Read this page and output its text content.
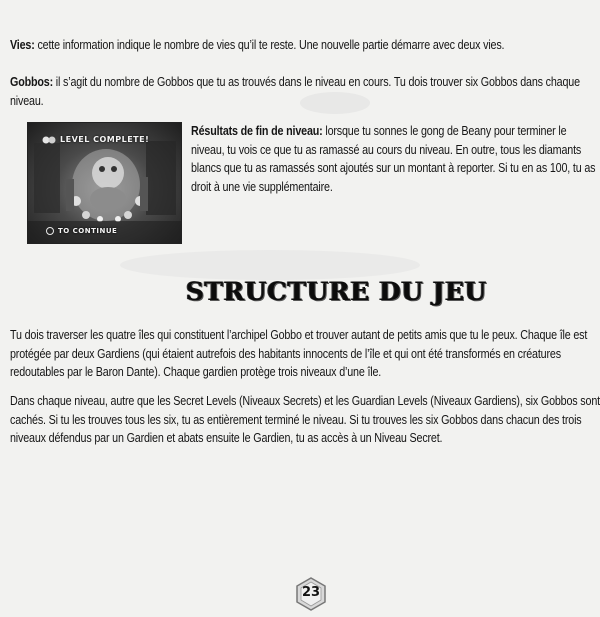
Vies: cette information indique le nombre de vies qu’il te reste. Une nouvelle partie démarre avec deux vies.

Gobbos: il s’agit du nombre de Gobbos que tu as trouvés dans le niveau en cours. Tu dois trouver six Gobbos dans chaque niveau.

LEVEL COMPLETE!
TO CONTINUE

Résultats de fin de niveau: lorsque tu sonnes le gong de Beany pour terminer le niveau, tu vois ce que tu as ramassé au cours du niveau. En outre, tous les diamants blancs que tu as ramassés sont ajoutés sur un montant à reporter. Si tu en as 100, tu as droit à une vie supplémentaire.

STRUCTURE DU JEU

Tu dois traverser les quatre îles qui constituent l’archipel Gobbo et trouver autant de petits amis que tu le peux. Chaque île est protégée par deux Gardiens (qui étaient autrefois des habitants innocents de l’île et qui ont été transformés en créatures redoutables par le Baron Dante). Chaque gardien protège trois niveaux d’une île.

Dans chaque niveau, autre que les Secret Levels (Niveaux Secrets) et les Guardian Levels (Niveaux Gardiens), six Gobbos sont cachés. Si tu les trouves tous les six, tu as entièrement terminé le niveau. Si tu trouves les six Gobbos dans chacun des trois niveaux défendus par un Gardien et abats ensuite le Gardien, tu as accès à un Niveau Secret.

23
